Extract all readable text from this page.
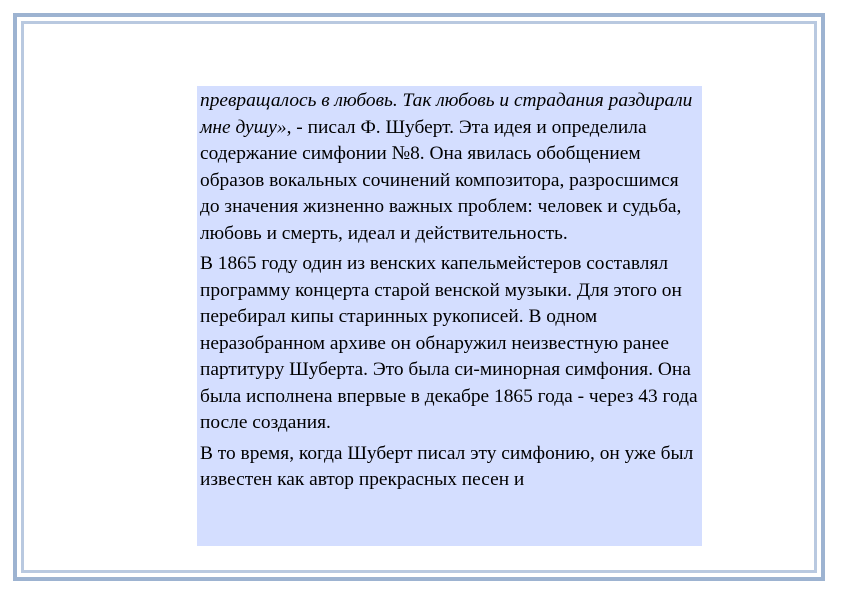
превращалось в любовь. Так любовь и страдания раздирали мне душу», - писал Ф. Шуберт. Эта идея и определила содержание симфонии №8. Она явилась обобщением образов вокальных сочинений композитора, разросшимся до значения жизненно важных проблем: человек и судьба, любовь и смерть, идеал и действительность.

В 1865 году один из венских капельмейстеров составлял программу концерта старой венской музыки. Для этого он перебирал кипы старинных рукописей. В одном неразобранном архиве он обнаружил неизвестную ранее партитуру Шуберта. Это была си-минорная симфония. Она была исполнена впервые в декабре 1865 года - через 43 года после создания.

В то время, когда Шуберт писал эту симфонию, он уже был известен как автор прекрасных песен и
